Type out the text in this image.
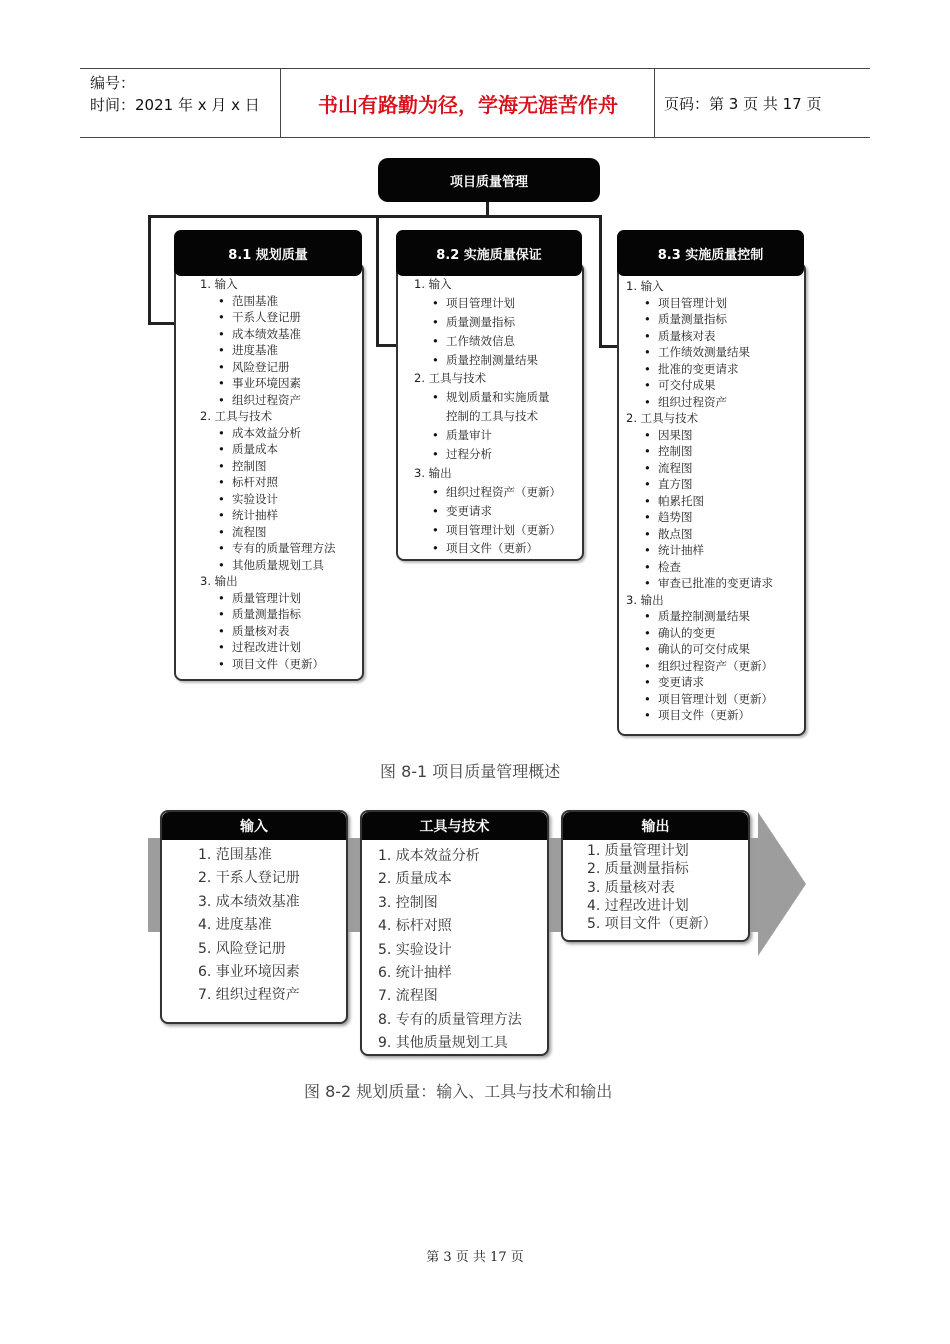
编号：
时间：2021 年 x 月 x 日	书山有路勤为径，学海无涯苦作舟	页码：第 3 页 共 17 页
项目质量管理
8.1 规划质量
1. 输入
• 范围基准
• 干系人登记册
• 成本绩效基准
• 进度基准
• 风险登记册
• 事业环境因素
• 组织过程资产
2. 工具与技术
• 成本效益分析
• 质量成本
• 控制图
• 标杆对照
• 实验设计
• 统计抽样
• 流程图
• 专有的质量管理方法
• 其他质量规划工具
3. 输出
• 质量管理计划
• 质量测量指标
• 质量核对表
• 过程改进计划
• 项目文件（更新）
8.2 实施质量保证
1. 输入
• 项目管理计划
• 质量测量指标
• 工作绩效信息
• 质量控制测量结果
2. 工具与技术
• 规划质量和实施质量
控制的工具与技术
• 质量审计
• 过程分析
3. 输出
• 组织过程资产（更新）
• 变更请求
• 项目管理计划（更新）
• 项目文件（更新）
8.3 实施质量控制
1. 输入
• 项目管理计划
• 质量测量指标
• 质量核对表
• 工作绩效测量结果
• 批准的变更请求
• 可交付成果
• 组织过程资产
2. 工具与技术
• 因果图
• 控制图
• 流程图
• 直方图
• 帕累托图
• 趋势图
• 散点图
• 统计抽样
• 检查
• 审查已批准的变更请求
3. 输出
• 质量控制测量结果
• 确认的变更
• 确认的可交付成果
• 组织过程资产（更新）
• 变更请求
• 项目管理计划（更新）
• 项目文件（更新）
图 8-1 项目质量管理概述
输入
1. 范围基准
2. 干系人登记册
3. 成本绩效基准
4. 进度基准
5. 风险登记册
6. 事业环境因素
7. 组织过程资产
工具与技术
1. 成本效益分析
2. 质量成本
3. 控制图
4. 标杆对照
5. 实验设计
6. 统计抽样
7. 流程图
8. 专有的质量管理方法
9. 其他质量规划工具
输出
1. 质量管理计划
2. 质量测量指标
3. 质量核对表
4. 过程改进计划
5. 项目文件（更新）
图 8-2 规划质量：输入、工具与技术和输出
第 3 页 共 17 页
